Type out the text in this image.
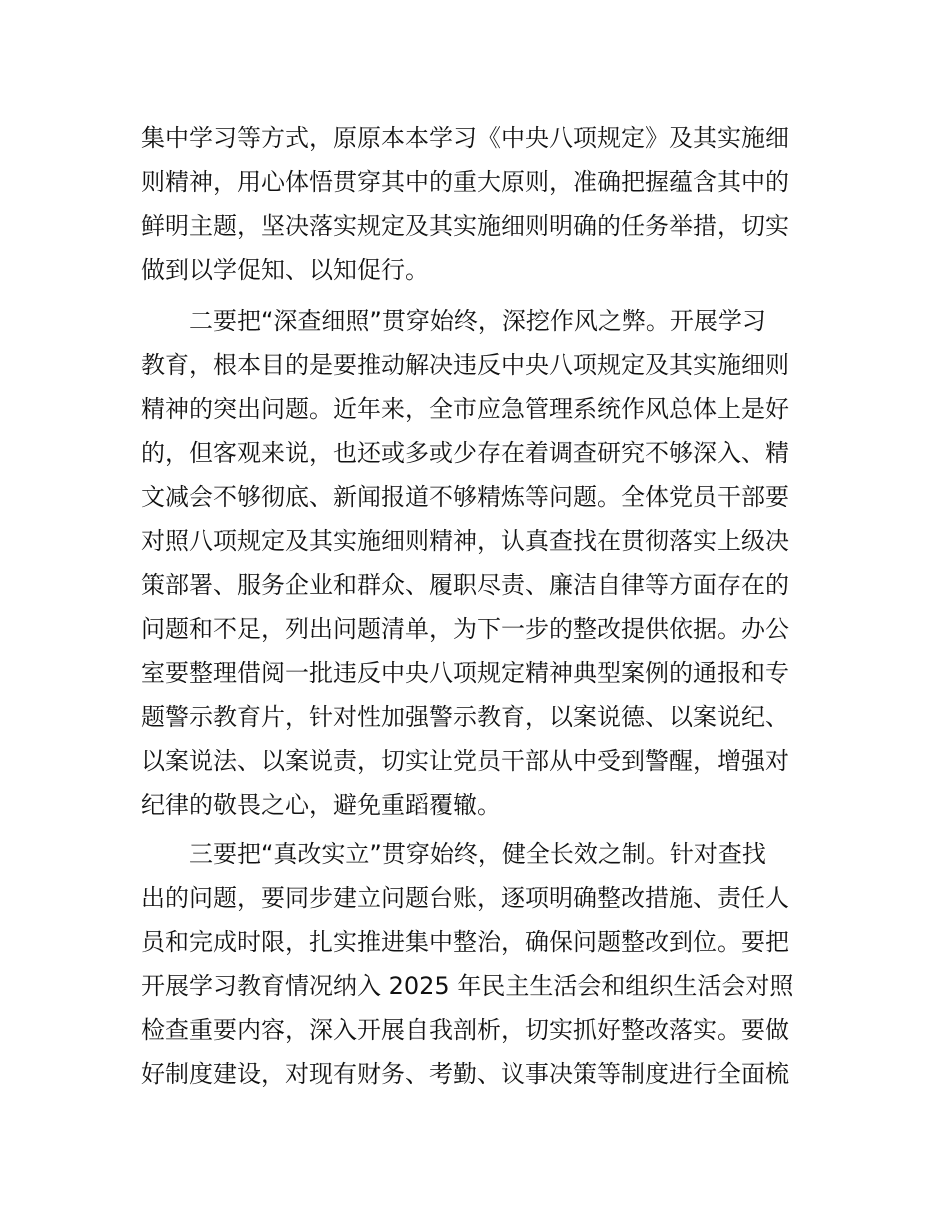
集中学习等方式，原原本本学习《中央八项规定》及其实施细
则精神，用心体悟贯穿其中的重大原则，准确把握蕴含其中的
鲜明主题，坚决落实规定及其实施细则明确的任务举措，切实
做到以学促知、以知促行。
二要把“深查细照”贯穿始终，深挖作风之弊。开展学习
教育，根本目的是要推动解决违反中央八项规定及其实施细则
精神的突出问题。近年来，全市应急管理系统作风总体上是好
的，但客观来说，也还或多或少存在着调查研究不够深入、精
文减会不够彻底、新闻报道不够精炼等问题。全体党员干部要
对照八项规定及其实施细则精神，认真查找在贯彻落实上级决
策部署、服务企业和群众、履职尽责、廉洁自律等方面存在的
问题和不足，列出问题清单，为下一步的整改提供依据。办公
室要整理借阅一批违反中央八项规定精神典型案例的通报和专
题警示教育片，针对性加强警示教育，以案说德、以案说纪、
以案说法、以案说责，切实让党员干部从中受到警醒，增强对
纪律的敬畏之心，避免重蹈覆辙。
三要把“真改实立”贯穿始终，健全长效之制。针对查找
出的问题，要同步建立问题台账，逐项明确整改措施、责任人
员和完成时限，扎实推进集中整治，确保问题整改到位。要把
开展学习教育情况纳入 2025 年民主生活会和组织生活会对照
检查重要内容，深入开展自我剖析，切实抓好整改落实。要做
好制度建设，对现有财务、考勤、议事决策等制度进行全面梳
